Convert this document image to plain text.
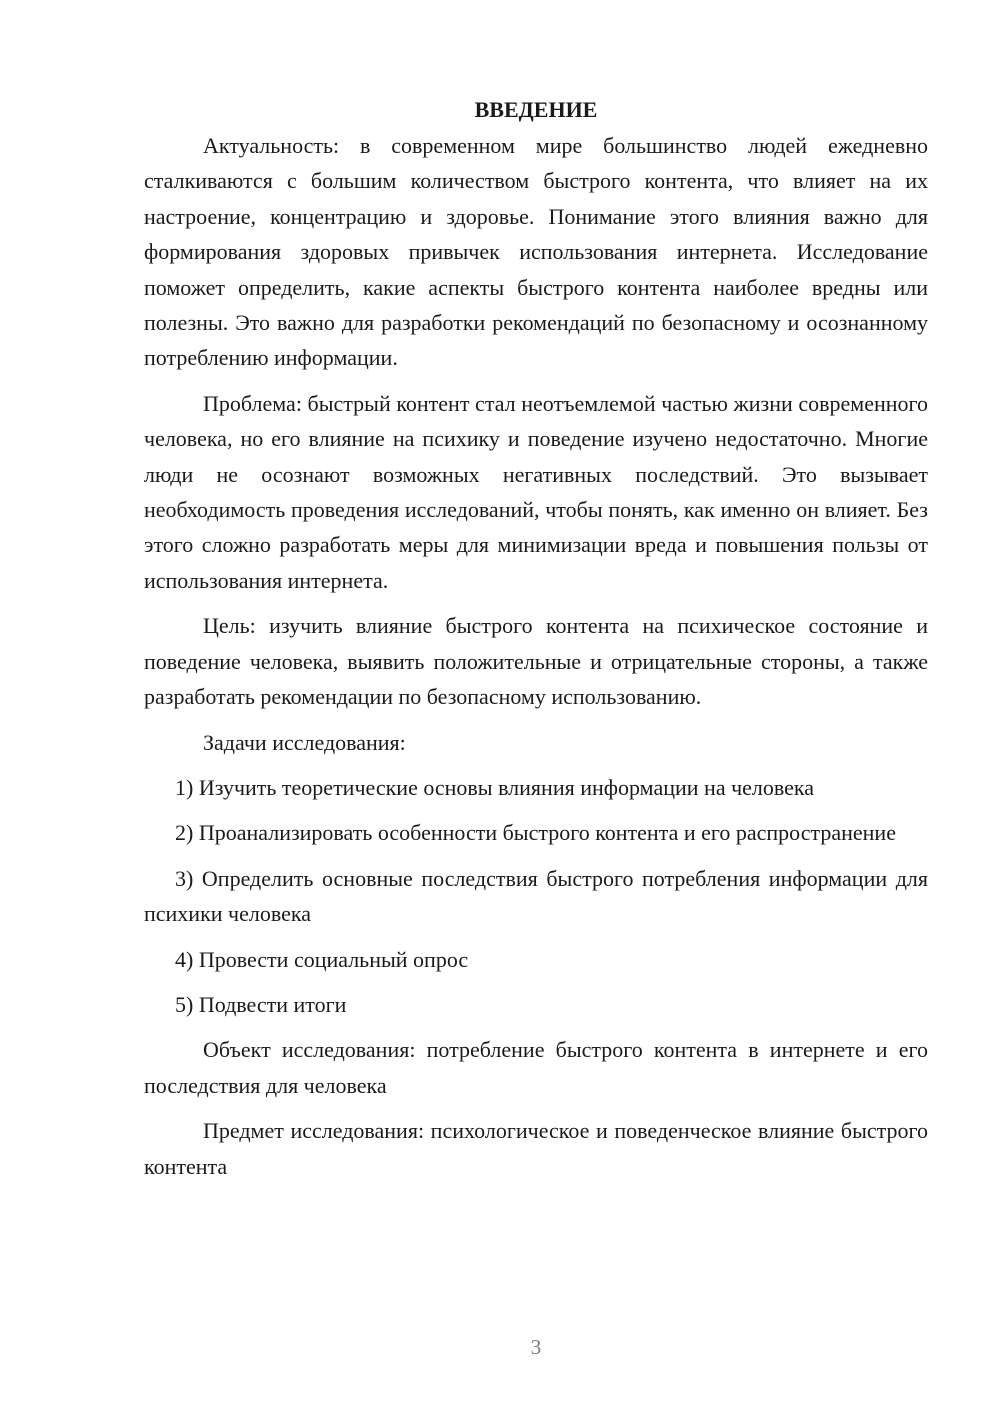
ВВЕДЕНИЕ

Актуальность: в современном мире большинство людей ежедневно сталкиваются с большим количеством быстрого контента, что влияет на их настроение, концентрацию и здоровье. Понимание этого влияния важно для формирования здоровых привычек использования интернета. Исследование поможет определить, какие аспекты быстрого контента наиболее вредны или полезны. Это важно для разработки рекомендаций по безопасному и осознанному потреблению информации.

Проблема: быстрый контент стал неотъемлемой частью жизни современного человека, но его влияние на психику и поведение изучено недостаточно. Многие люди не осознают возможных негативных последствий. Это вызывает необходимость проведения исследований, чтобы понять, как именно он влияет. Без этого сложно разработать меры для минимизации вреда и повышения пользы от использования интернета.

Цель: изучить влияние быстрого контента на психическое состояние и поведение человека, выявить положительные и отрицательные стороны, а также разработать рекомендации по безопасному использованию.

Задачи исследования:

1) Изучить теоретические основы влияния информации на человека

2) Проанализировать особенности быстрого контента и его распространение

3) Определить основные последствия быстрого потребления информации для психики человека

4) Провести социальный опрос

5) Подвести итоги

Объект исследования: потребление быстрого контента в интернете и его последствия для человека

Предмет исследования: психологическое и поведенческое влияние быстрого контента

3
